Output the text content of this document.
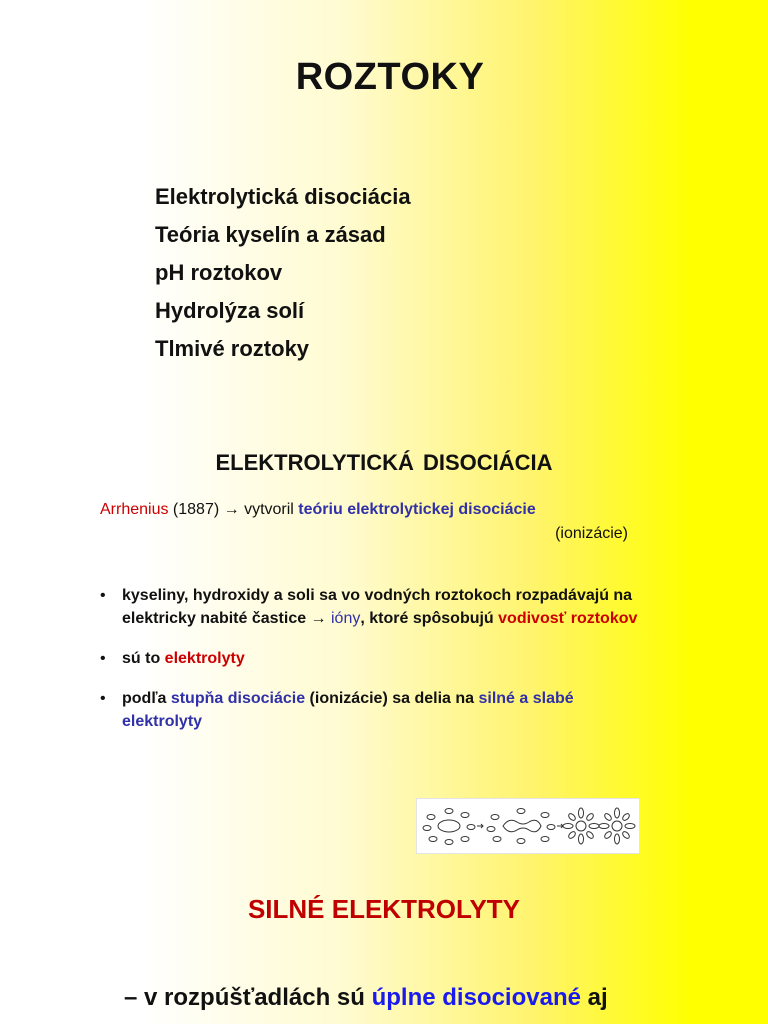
ROZTOKY
Elektrolytická disociácia
Teória kyselín a zásad
pH roztokov
Hydrolýza solí
Tlmivé roztoky
ELEKTROLYTICKÁ DISOCIÁCIA
Arrhenius (1887) → vytvoril teóriu elektrolytickej disociácie
(ionizácie)
• kyseliny, hydroxidy a soli sa vo vodných roztokoch rozpadávajú na elektricky nabité častice → ióny, ktoré spôsobujú vodivosť roztokov
• sú to elektrolyty
• podľa stupňa disociácie (ionizácie) sa delia na silné a slabé elektrolyty
SILNÉ ELEKTROLYTY
– v rozpúšťadlách sú úplne disociované aj
